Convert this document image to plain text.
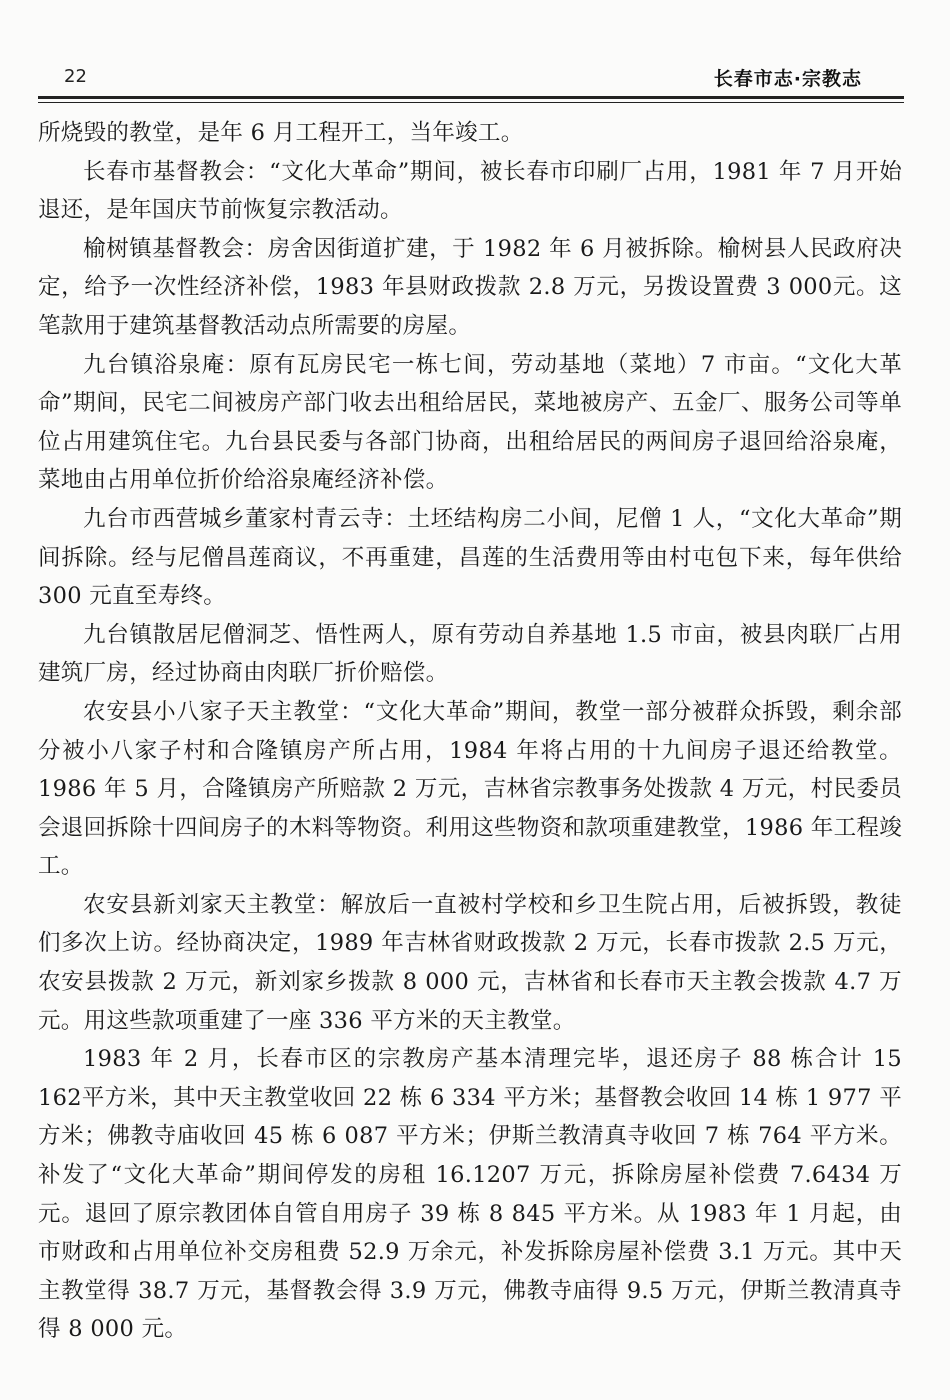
22	长春市志·宗教志

所烧毁的教堂，是年 6 月工程开工，当年竣工。

长春市基督教会：“文化大革命”期间，被长春市印刷厂占用，1981 年 7 月开始退还，是年国庆节前恢复宗教活动。

榆树镇基督教会：房舍因街道扩建，于 1982 年 6 月被拆除。榆树县人民政府决定，给予一次性经济补偿，1983 年县财政拨款 2.8 万元，另拨设置费 3 000元。这笔款用于建筑基督教活动点所需要的房屋。

九台镇浴泉庵：原有瓦房民宅一栋七间，劳动基地（菜地）7 市亩。“文化大革命”期间，民宅二间被房产部门收去出租给居民，菜地被房产、五金厂、服务公司等单位占用建筑住宅。九台县民委与各部门协商，出租给居民的两间房子退回给浴泉庵，菜地由占用单位折价给浴泉庵经济补偿。

九台市西营城乡董家村青云寺：土坯结构房二小间，尼僧 1 人，“文化大革命”期间拆除。经与尼僧昌莲商议，不再重建，昌莲的生活费用等由村屯包下来，每年供给 300 元直至寿终。

九台镇散居尼僧洞芝、悟性两人，原有劳动自养基地 1.5 市亩，被县肉联厂占用建筑厂房，经过协商由肉联厂折价赔偿。

农安县小八家子天主教堂：“文化大革命”期间，教堂一部分被群众拆毁，剩余部分被小八家子村和合隆镇房产所占用，1984 年将占用的十九间房子退还给教堂。1986 年 5 月，合隆镇房产所赔款 2 万元，吉林省宗教事务处拨款 4 万元，村民委员会退回拆除十四间房子的木料等物资。利用这些物资和款项重建教堂，1986 年工程竣工。

农安县新刘家天主教堂：解放后一直被村学校和乡卫生院占用，后被拆毁，教徒们多次上访。经协商决定，1989 年吉林省财政拨款 2 万元，长春市拨款 2.5 万元，农安县拨款 2 万元，新刘家乡拨款 8 000 元，吉林省和长春市天主教会拨款 4.7 万元。用这些款项重建了一座 336 平方米的天主教堂。

1983 年 2 月，长春市区的宗教房产基本清理完毕，退还房子 88 栋合计 15 162平方米，其中天主教堂收回 22 栋 6 334 平方米；基督教会收回 14 栋 1 977 平方米；佛教寺庙收回 45 栋 6 087 平方米；伊斯兰教清真寺收回 7 栋 764 平方米。补发了“文化大革命”期间停发的房租 16.1207 万元，拆除房屋补偿费 7.6434 万元。退回了原宗教团体自管自用房子 39 栋 8 845 平方米。从 1983 年 1 月起，由市财政和占用单位补交房租费 52.9 万余元，补发拆除房屋补偿费 3.1 万元。其中天主教堂得 38.7 万元，基督教会得 3.9 万元，佛教寺庙得 9.5 万元，伊斯兰教清真寺得 8 000 元。
